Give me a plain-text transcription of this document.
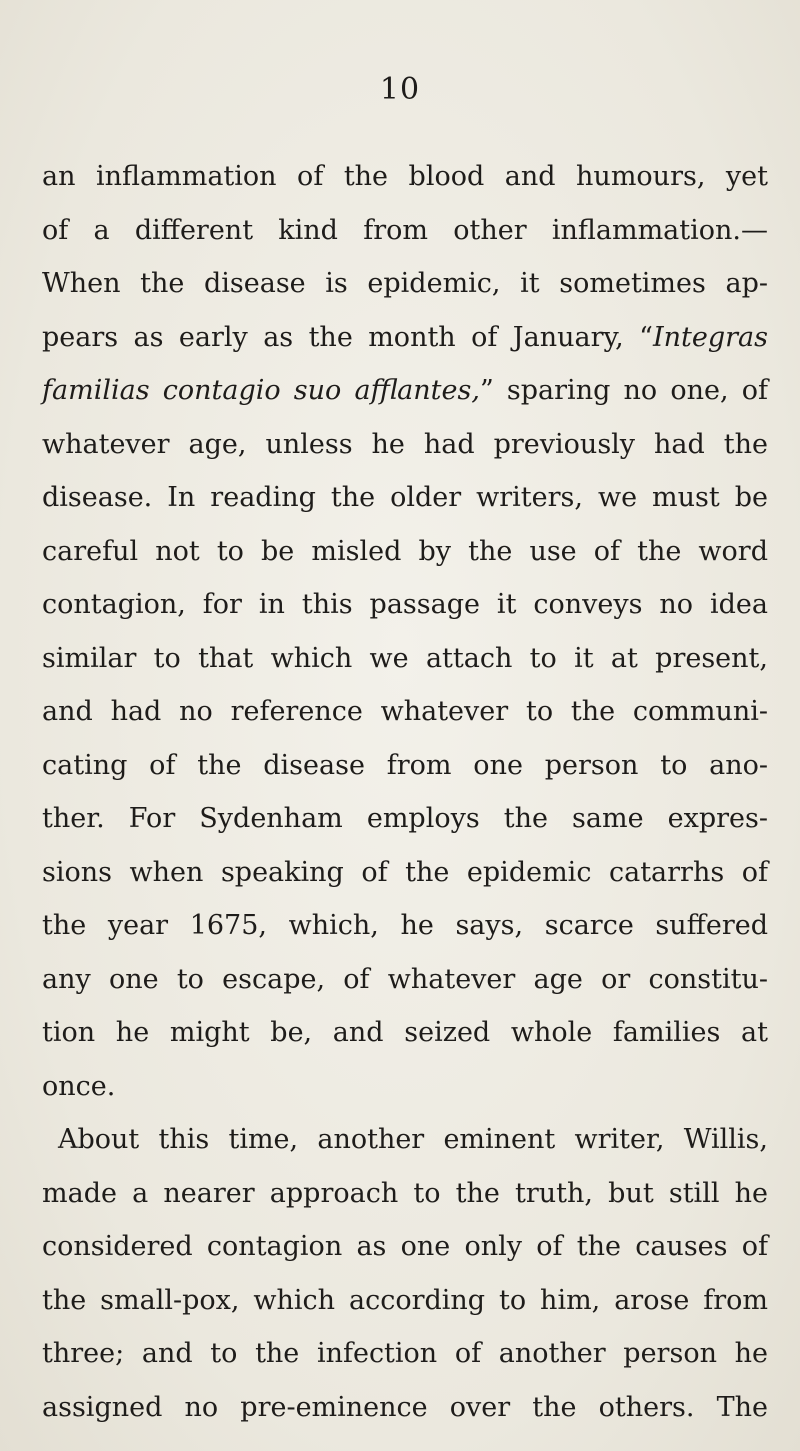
10
an inflammation of the blood and humours, yet
of a different kind from other inflammation.—
When the disease is epidemic, it sometimes ap-
pears as early as the month of January, “Integras
familias contagio suo afflantes,” sparing no one, of
whatever age, unless he had previously had the
disease. In reading the older writers, we must be
careful not to be misled by the use of the word
contagion, for in this passage it conveys no idea
similar to that which we attach to it at present,
and had no reference whatever to the communi-
cating of the disease from one person to ano-
ther. For Sydenham employs the same expres-
sions when speaking of the epidemic catarrhs of
the year 1675, which, he says, scarce suffered
any one to escape, of whatever age or constitu-
tion he might be, and seized whole families at
once.
About this time, another eminent writer, Willis,
made a nearer approach to the truth, but still he
considered contagion as one only of the causes of
the small-pox, which according to him, arose from
three; and to the infection of another person he
assigned no pre-eminence over the others. The
